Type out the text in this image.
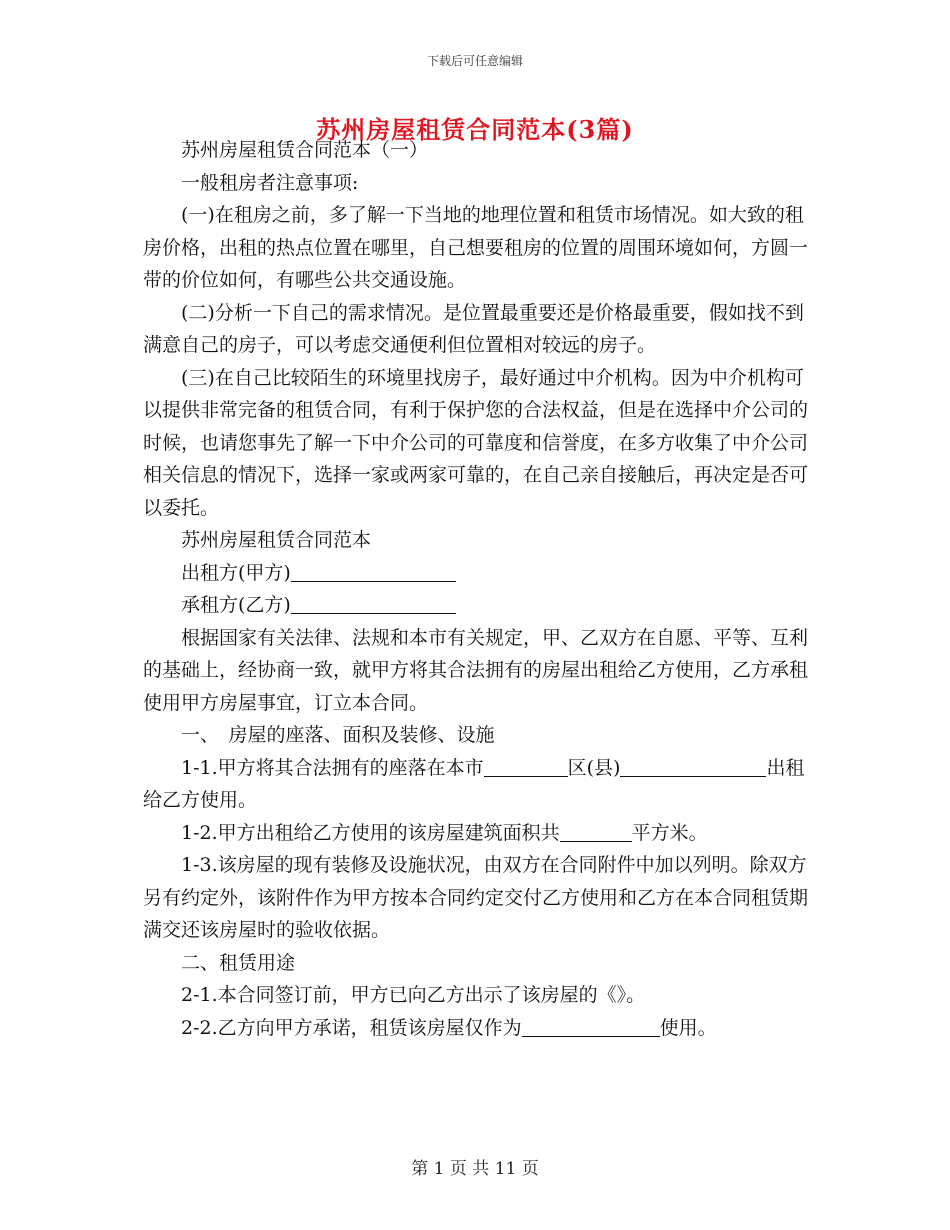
下载后可任意编辑
苏州房屋租赁合同范本(3篇)

苏州房屋租赁合同范本（一）

一般租房者注意事项:

(一)在租房之前，多了解一下当地的地理位置和租赁市场情况。如大致的租房价格，出租的热点位置在哪里，自己想要租房的位置的周围环境如何，方圆一带的价位如何，有哪些公共交通设施。

(二)分析一下自己的需求情况。是位置最重要还是价格最重要，假如找不到满意自己的房子，可以考虑交通便利但位置相对较远的房子。

(三)在自己比较陌生的环境里找房子，最好通过中介机构。因为中介机构可以提供非常完备的租赁合同，有利于保护您的合法权益，但是在选择中介公司的时候，也请您事先了解一下中介公司的可靠度和信誉度，在多方收集了中介公司相关信息的情况下，选择一家或两家可靠的，在自己亲自接触后，再决定是否可以委托。

苏州房屋租赁合同范本

出租方(甲方)

承租方(乙方)

根据国家有关法律、法规和本市有关规定，甲、乙双方在自愿、平等、互利的基础上，经协商一致，就甲方将其合法拥有的房屋出租给乙方使用，乙方承租使用甲方房屋事宜，订立本合同。

一、　房屋的座落、面积及装修、设施

1-1.甲方将其合法拥有的座落在本市	区(县)	出租给乙方使用。

1-2.甲方出租给乙方使用的该房屋建筑面积共	平方米。

1-3.该房屋的现有装修及设施状况，由双方在合同附件中加以列明。除双方另有约定外，该附件作为甲方按本合同约定交付乙方使用和乙方在本合同租赁期满交还该房屋时的验收依据。

二、租赁用途

2-1.本合同签订前，甲方已向乙方出示了该房屋的《》。

2-2.乙方向甲方承诺，租赁该房屋仅作为	使用。

第 1 页 共 11 页
